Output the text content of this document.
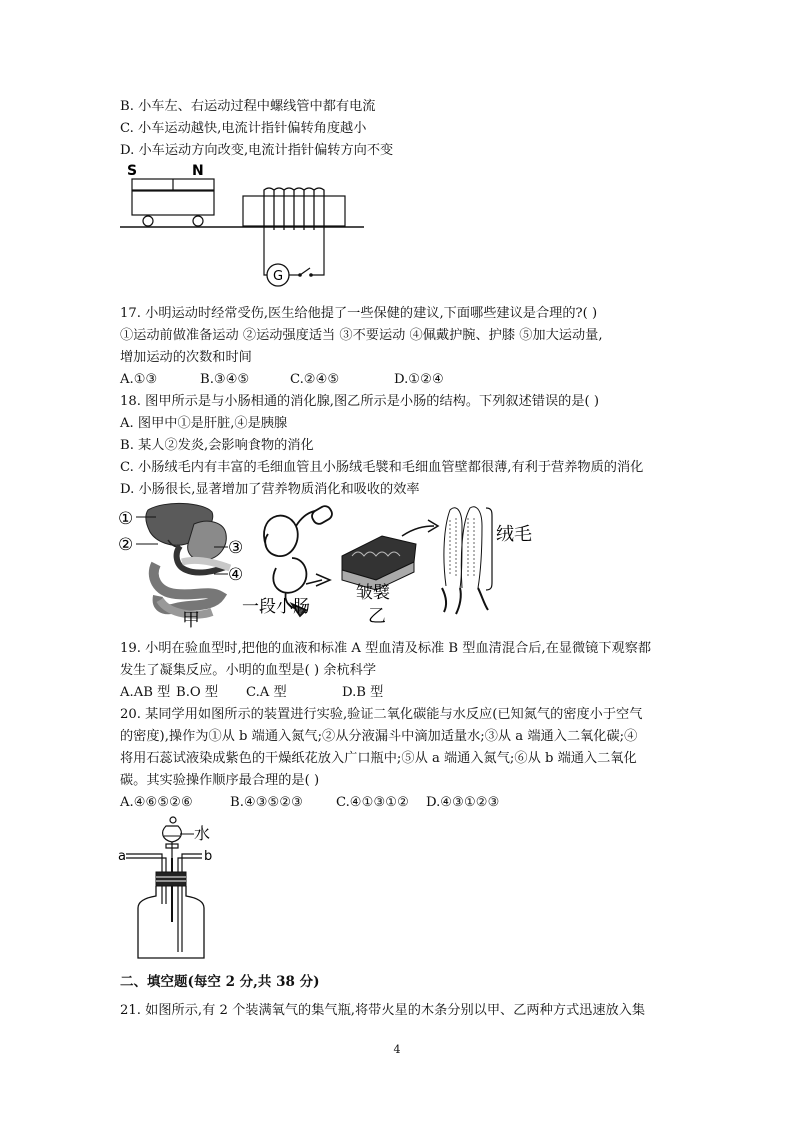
B. 小车左、右运动过程中螺线管中都有电流
C. 小车运动越快,电流计指针偏转角度越小
D. 小车运动方向改变,电流计指针偏转方向不变
S	N
G
17. 小明运动时经常受伤,医生给他提了一些保健的建议,下面哪些建议是合理的?( )
①运动前做准备运动 ②运动强度适当 ③不要运动 ④佩戴护腕、护膝 ⑤加大运动量,
增加运动的次数和时间
A.①③	B.③④⑤	C.②④⑤	D.①②④
18. 图甲所示是与小肠相通的消化腺,图乙所示是小肠的结构。下列叙述错误的是( )
A. 图甲中①是肝脏,④是胰腺
B. 某人②发炎,会影响食物的消化
C. 小肠绒毛内有丰富的毛细血管且小肠绒毛襞和毛细血管壁都很薄,有利于营养物质的消化
D. 小肠很长,显著增加了营养物质消化和吸收的效率
①
②	③
④
甲
一段小肠
皱襞
乙
绒毛
19. 小明在验血型时,把他的血液和标准 A 型血清及标准 B 型血清混合后,在显微镜下观察都
发生了凝集反应。小明的血型是( ) 余杭科学
A.AB 型 B.O 型 C.A 型	D.B 型
20. 某同学用如图所示的装置进行实验,验证二氧化碳能与水反应(已知氮气的密度小于空气
的密度),操作为①从 b 端通入氮气;②从分液漏斗中滴加适量水;③从 a 端通入二氧化碳;④
将用石蕊试液染成紫色的干燥纸花放入广口瓶中;⑤从 a 端通入氮气;⑥从 b 端通入二氧化
碳。其实验操作顺序最合理的是( )
A.④⑥⑤②⑥	B.④③⑤②③	C.④①③①② D.④③①②③
水
a	b
二、填空题(每空 2 分,共 38 分)
21. 如图所示,有 2 个装满氧气的集气瓶,将带火星的木条分别以甲、乙两种方式迅速放入集
4
